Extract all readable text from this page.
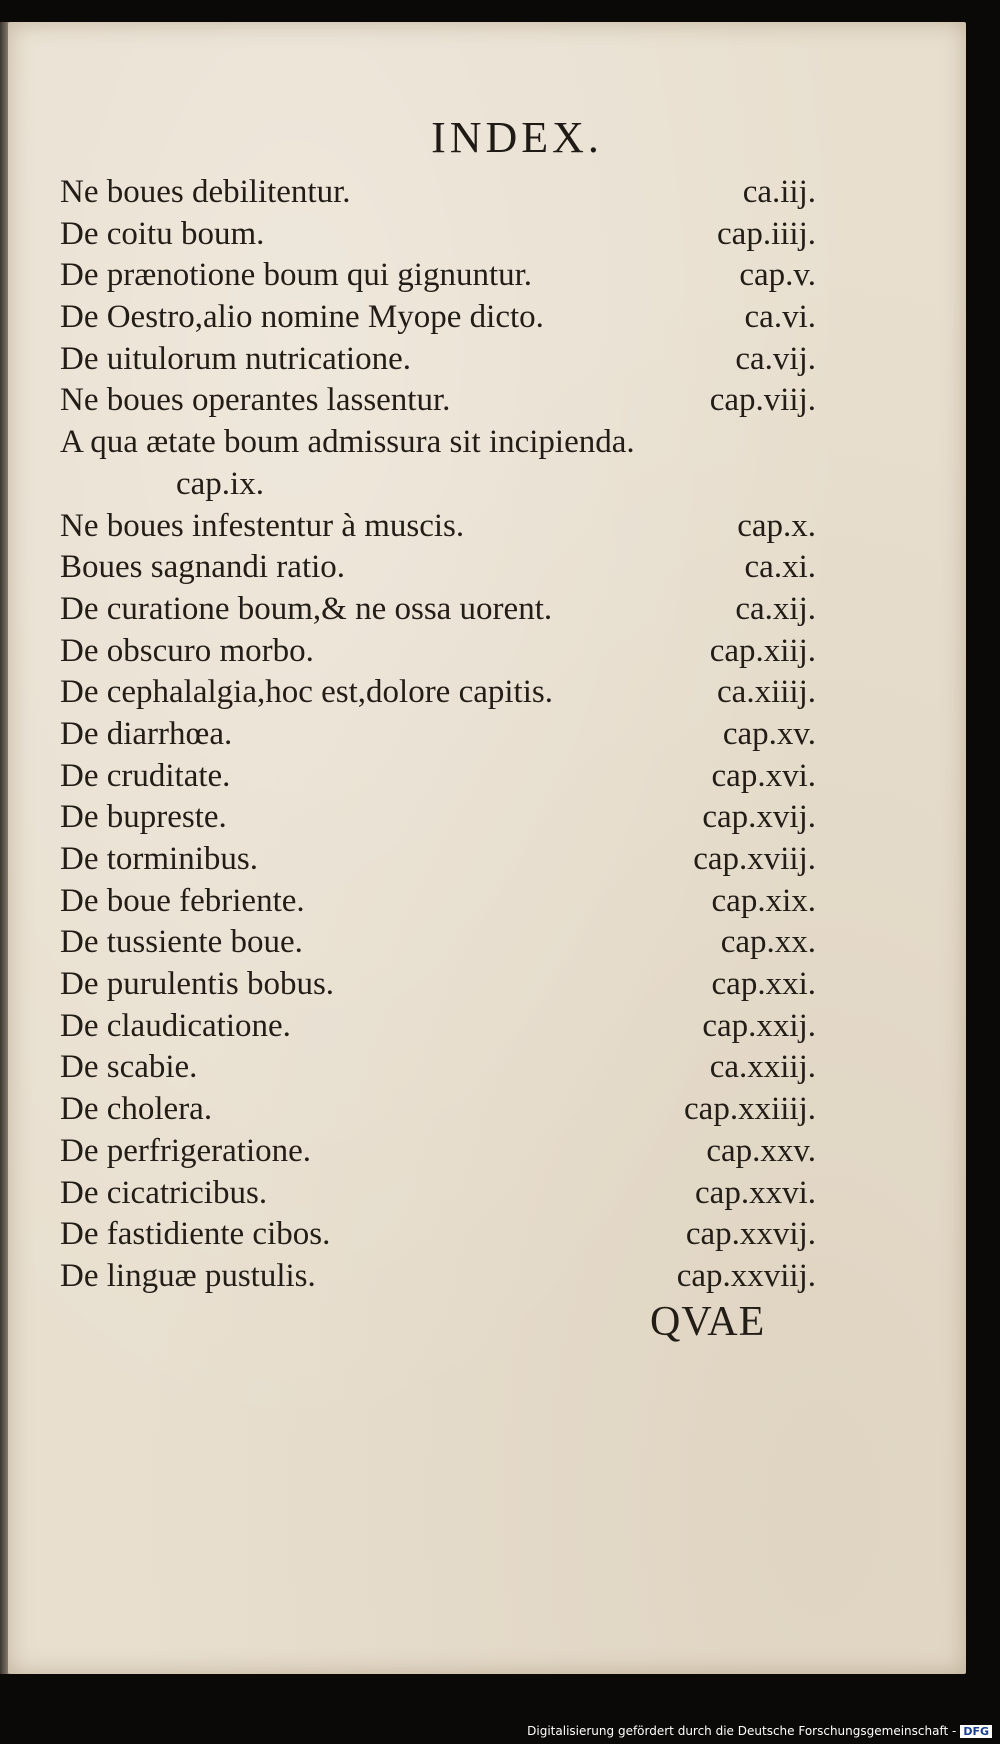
INDEX.
Ne boues debilitentur.	ca.iij.
De coitu boum.	cap.iiij.
De prænotione boum qui gignuntur.	cap.v.
De Oestro,alio nomine Myope dicto.	ca.vi.
De uitulorum nutricatione.	ca.vij.
Ne boues operantes lassentur.	cap.viij.
A qua ætate boum admissura sit incipienda.
cap.ix.
Ne boues infestentur à muscis.	cap.x.
Boues sagnandi ratio.	ca.xi.
De curatione boum,& ne ossa uorent.	ca.xij.
De obscuro morbo.	cap.xiij.
De cephalalgia,hoc est,dolore capitis.	ca.xiiij.
De diarrhœa.	cap.xv.
De cruditate.	cap.xvi.
De bupreste.	cap.xvij.
De torminibus.	cap.xviij.
De boue febriente.	cap.xix.
De tussiente boue.	cap.xx.
De purulentis bobus.	cap.xxi.
De claudicatione.	cap.xxij.
De scabie.	ca.xxiij.
De cholera.	cap.xxiiij.
De perfrigeratione.	cap.xxv.
De cicatricibus.	cap.xxvi.
De fastidiente cibos.	cap.xxvij.
De linguæ pustulis.	cap.xxviij.
QVAE
Digitalisierung gefördert durch die Deutsche Forschungsgemeinschaft - DFG
